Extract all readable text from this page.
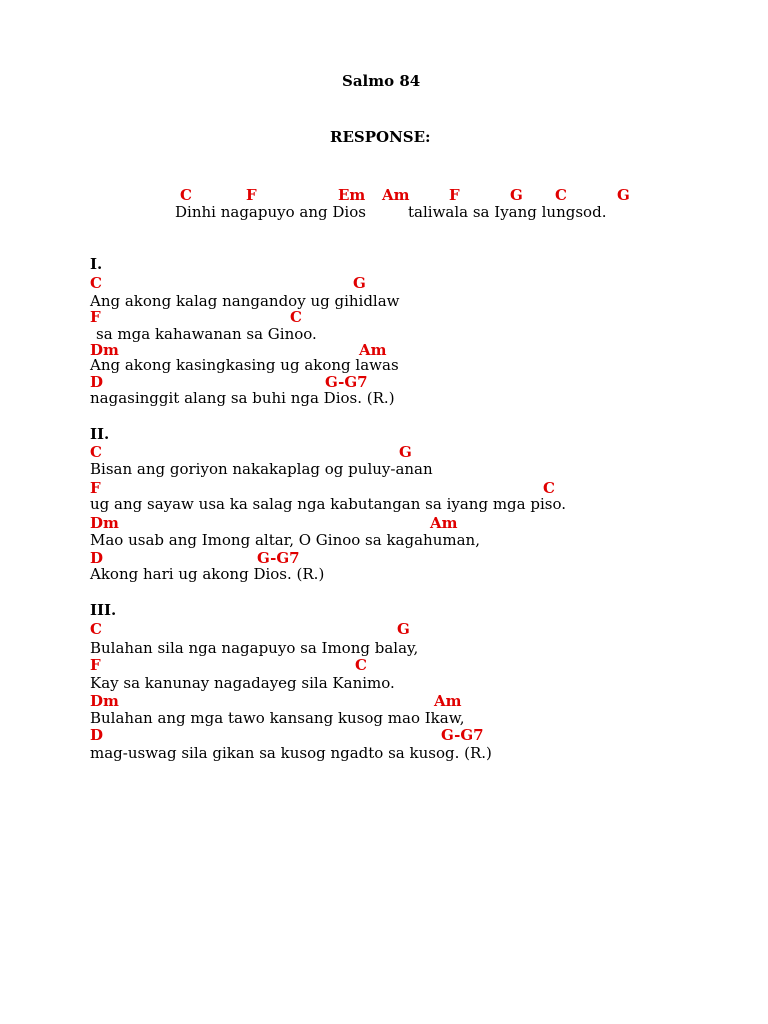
Salmo 84
RESPONSE:
C	F	Em Am	F	G C	G
Dinhi nagapuyo ang Dios	taliwala sa Iyang lungsod.
I.
C	G
Ang akong kalag nangandoy ug gihidlaw
F	C
sa mga kahawanan sa Ginoo.
Dm	Am
Ang akong kasingkasing ug akong lawas
D	G-G7
nagasinggit alang sa buhi nga Dios. (R.)
II.
C	G
Bisan ang goriyon nakakaplag og puluy-anan
F	C
ug ang sayaw usa ka salag nga kabutangan sa iyang mga piso.
Dm	Am
Mao usab ang Imong altar, O Ginoo sa kagahuman,
D	G-G7
Akong hari ug akong Dios. (R.)
III.
C	G
Bulahan sila nga nagapuyo sa Imong balay,
F	C
Kay sa kanunay nagadayeg sila Kanimo.
Dm	Am
Bulahan ang mga tawo kansang kusog mao Ikaw,
D	G-G7
mag-uswag sila gikan sa kusog ngadto sa kusog. (R.)
